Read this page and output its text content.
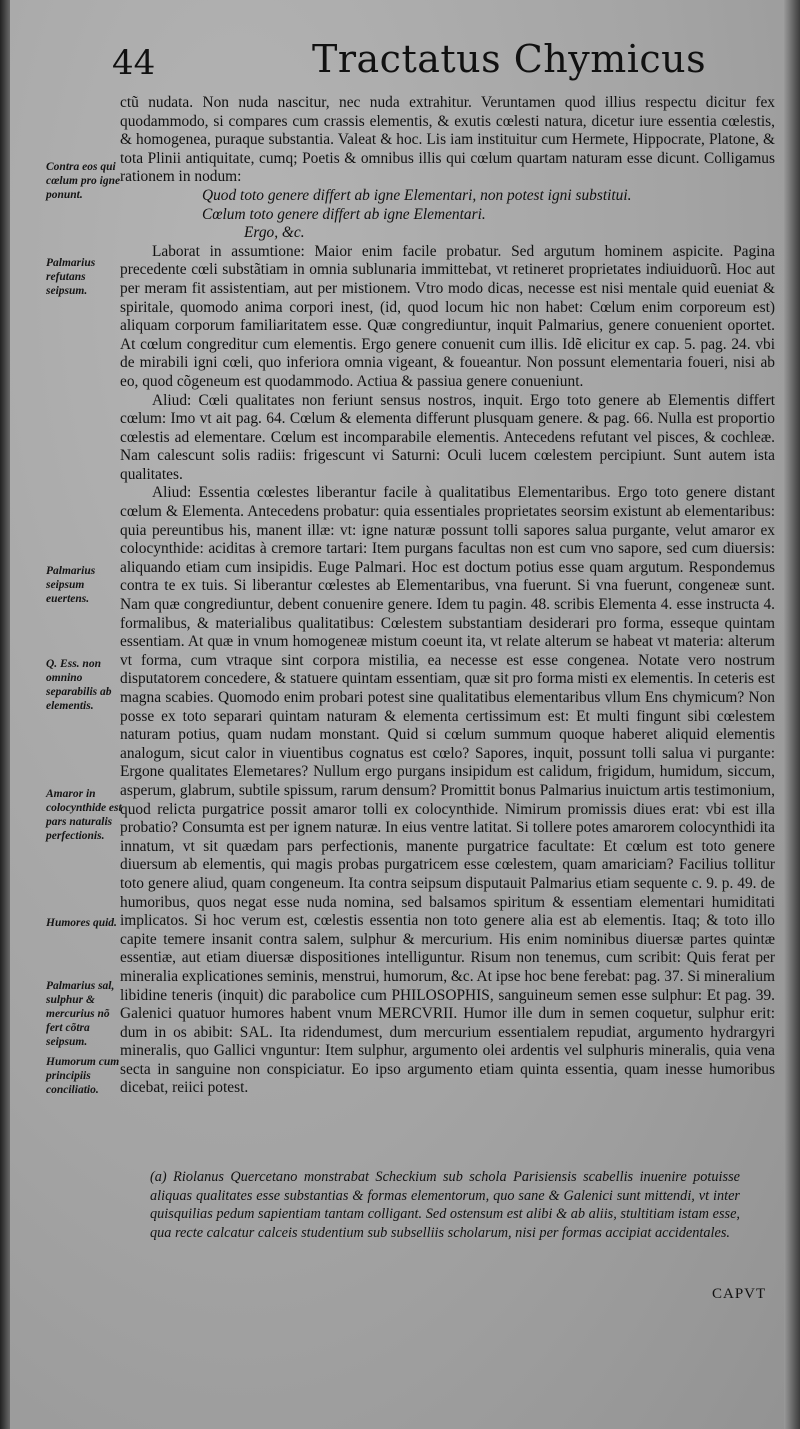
44	Tractatus Chymicus
Contra eos qui cœlum pro igne ponunt.
Palmarius refutans seipsum.
Palmarius seipsum euertens.
Q. Ess. non omnino separabilis ab elementis.
Amaror in colocynthide est pars naturalis perfectionis.
Humores quid.
Palmarius sal, sulphur & mercurius nõ fert cõtra seipsum.
Humorum cum principiis conciliatio.

ctũ nudata. Non nuda nascitur, nec nuda extrahitur. Veruntamen quod illius respectu dicitur fex quodammodo, si compares cum crassis elementis, & exutis cœlesti natura, dicetur iure essentia cœlestis, & homogenea, puraque substantia. Valeat & hoc. Lis iam instituitur cum Hermete, Hippocrate, Platone, & tota Plinii antiquitate, cumq; Poetis & omnibus illis qui cœlum quartam naturam esse dicunt. Colligamus rationem in nodum:

Quod toto genere differt ab igne Elementari, non potest igni substitui.

Cœlum toto genere differt ab igne Elementari.

Ergo, &c.

Laborat in assumtione: Maior enim facile probatur. Sed argutum hominem aspicite. Pagina precedente cœli substãtiam in omnia sublunaria immittebat, vt retineret proprietates indiuiduorũ. Hoc aut per meram fit assistentiam, aut per mistionem. Vtro modo dicas, necesse est nisi mentale quid eueniat & spiritale, quomodo anima corpori inest, (id, quod locum hic non habet: Cœlum enim corporeum est) aliquam corporum familiaritatem esse. Quæ congrediuntur, inquit Palmarius, genere conuenient oportet. At cœlum congreditur cum elementis. Ergo genere conuenit cum illis. Idẽ elicitur ex cap. 5. pag. 24. vbi de mirabili igni cœli, quo inferiora omnia vigeant, & foueantur. Non possunt elementaria foueri, nisi ab eo, quod cõgeneum est quodammodo. Actiua & passiua genere conueniunt.

Aliud: Cœli qualitates non feriunt sensus nostros, inquit. Ergo toto genere ab Elementis differt cœlum: Imo vt ait pag. 64. Cœlum & elementa differunt plusquam genere. & pag. 66. Nulla est proportio cœlestis ad elementare. Cœlum est incomparabile elementis. Antecedens refutant vel pisces, & cochleæ. Nam calescunt solis radiis: frigescunt vi Saturni: Oculi lucem cœlestem percipiunt. Sunt autem ista qualitates.

Aliud: Essentia cœlestes liberantur facile à qualitatibus Elementaribus. Ergo toto genere distant cœlum & Elementa. Antecedens probatur: quia essentiales proprietates seorsim existunt ab elementaribus: quia pereuntibus his, manent illæ: vt: igne naturæ possunt tolli sapores salua purgante, velut amaror ex colocynthide: aciditas à cremore tartari: Item purgans facultas non est cum vno sapore, sed cum diuersis: aliquando etiam cum insipidis. Euge Palmari. Hoc est doctum potius esse quam argutum. Respondemus contra te ex tuis. Si liberantur cœlestes ab Elementaribus, vna fuerunt. Si vna fuerunt, congeneæ sunt. Nam quæ congrediuntur, debent conuenire genere. Idem tu pagin. 48. scribis Elementa 4. esse instructa 4. formalibus, & materialibus qualitatibus: Cœlestem substantiam desiderari pro forma, esseque quintam essentiam. At quæ in vnum homogeneæ mistum coeunt ita, vt relate alterum se habeat vt materia: alterum vt forma, cum vtraque sint corpora mistilia, ea necesse est esse congenea. Notate vero nostrum disputatorem concedere, & statuere quintam essentiam, quæ sit pro forma misti ex elementis. In ceteris est magna scabies. Quomodo enim probari potest sine qualitatibus elementaribus vllum Ens chymicum? Non posse ex toto separari quintam naturam & elementa certissimum est: Et multi fingunt sibi cœlestem naturam potius, quam nudam monstant. Quid si cœlum summum quoque haberet aliquid elementis analogum, sicut calor in viuentibus cognatus est cœlo? Sapores, inquit, possunt tolli salua vi purgante: Ergone qualitates Elemetares? Nullum ergo purgans insipidum est calidum, frigidum, humidum, siccum, asperum, glabrum, subtile spissum, rarum densum? Promittit bonus Palmarius inuictum artis testimonium, quod relicta purgatrice possit amaror tolli ex colocynthide. Nimirum promissis diues erat: vbi est illa probatio? Consumta est per ignem naturæ. In eius ventre latitat. Si tollere potes amarorem colocynthidi ita innatum, vt sit quædam pars perfectionis, manente purgatrice facultate: Et cœlum est toto genere diuersum ab elementis, qui magis probas purgatricem esse cœlestem, quam amariciam? Facilius tollitur toto genere aliud, quam congeneum. Ita contra seipsum disputauit Palmarius etiam sequente c. 9. p. 49. de humoribus, quos negat esse nuda nomina, sed balsamos spiritum & essentiam elementari humiditati implicatos. Si hoc verum est, cœlestis essentia non toto genere alia est ab elementis. Itaq; & toto illo capite temere insanit contra salem, sulphur & mercurium. His enim nominibus diuersæ partes quintæ essentiæ, aut etiam diuersæ dispositiones intelliguntur. Risum non tenemus, cum scribit: Quis ferat per mineralia explicationes seminis, menstrui, humorum, &c. At ipse hoc bene ferebat: pag. 37. Si mineralium libidine teneris (inquit) dic parabolice cum PHILOSOPHIS, sanguineum semen esse sulphur: Et pag. 39. Galenici quatuor humores habent vnum MERCVRII. Humor ille dum in semen coquetur, sulphur erit: dum in os abibit: SAL. Ita ridendumest, dum mercurium essentialem repudiat, argumento hydrargyri mineralis, quo Gallici vnguntur: Item sulphur, argumento olei ardentis vel sulphuris mineralis, quia vena secta in sanguine non conspiciatur. Eo ipso argumento etiam quinta essentia, quam inesse humoribus dicebat, reiici potest.

(a) Riolanus Quercetano monstrabat Scheckium sub schola Parisiensis scabellis inuenire potuisse aliquas qualitates esse substantias & formas elementorum, quo sane & Galenici sunt mittendi, vt inter quisquilias pedum sapientiam tantam colligant. Sed ostensum est alibi & ab aliis, stultitiam istam esse, qua recte calcatur calceis studentium sub subselliis scholarum, nisi per formas accipiat accidentales.
CAPVT
